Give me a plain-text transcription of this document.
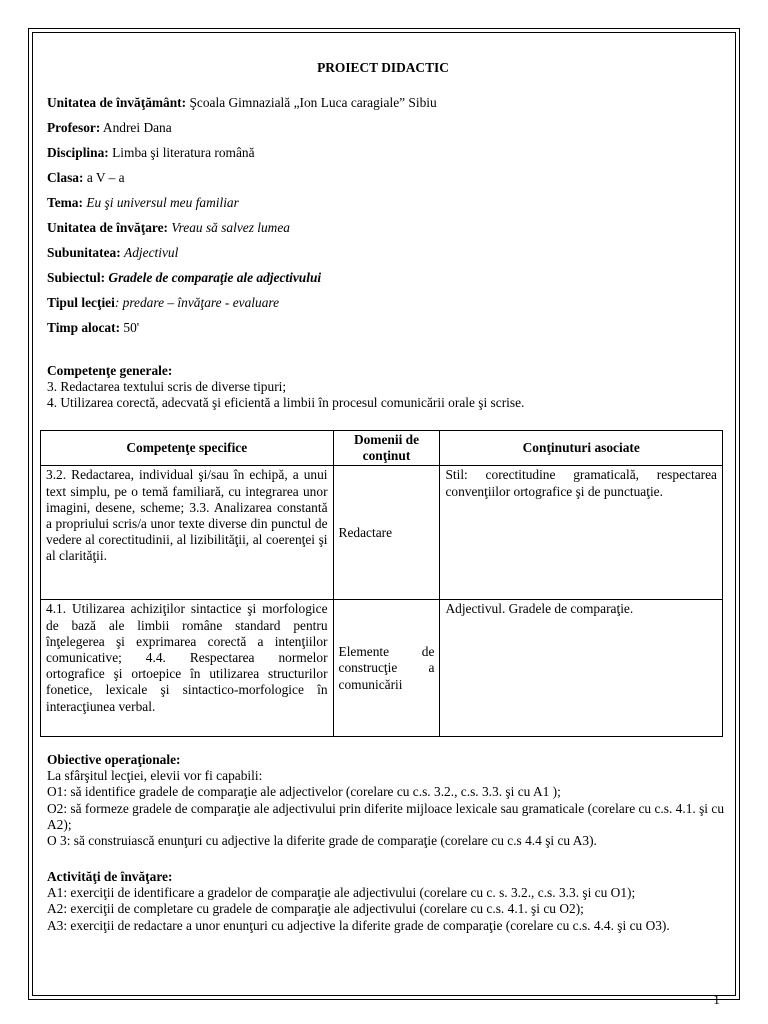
PROIECT DIDACTIC
Unitatea de învăţământ: Şcoala Gimnazială „Ion Luca caragiale” Sibiu
Profesor: Andrei Dana
Disciplina: Limba şi literatura română
Clasa: a V – a
Tema: Eu şi universul meu familiar
Unitatea de învăţare: Vreau să salvez lumea
Subunitatea: Adjectivul
Subiectul: Gradele de comparaţie ale adjectivului
Tipul lecţiei: predare – învăţare - evaluare
Timp alocat: 50'

Competenţe generale:

3. Redactarea textului scris de diverse tipuri;

4. Utilizarea corectă, adecvată şi eficientă a limbii în procesul comunicării orale şi scrise.

Competenţe specifice	Domenii de conţinut	Conţinuturi asociate
3.2. Redactarea, individual şi/sau în echipă, a unui text simplu, pe o temă familiară, cu integrarea unor imagini, desene, scheme; 3.3. Analizarea constantă a propriului scris/a unor texte diverse din punctul de vedere al corectitudinii, al lizibilităţii, al coerenţei şi al clarităţii.	Redactare	Stil: corectitudine gramaticală, respectarea convenţiilor ortografice şi de punctuaţie.
4.1. Utilizarea achiziţilor sintactice şi morfologice de bază ale limbii române standard pentru înţelegerea şi exprimarea corectă a intenţiilor comunicative; 4.4. Respectarea normelor ortografice şi ortoepice în utilizarea structurilor fonetice, lexicale şi sintactico-morfologice în interacţiunea verbal.	Elemente de construcţie a comunicării	Adjectivul. Gradele de comparaţie.

Obiective operaţionale:

La sfârşitul lecţiei, elevii vor fi capabili:

O1: să identifice gradele de comparaţie ale adjectivelor (corelare cu c.s. 3.2., c.s. 3.3. şi cu A1 );

O2: să formeze gradele de comparaţie ale adjectivului prin diferite mijloace lexicale sau gramaticale (corelare cu c.s. 4.1. şi cu A2);

O 3: să construiască enunţuri cu adjective la diferite grade de comparaţie (corelare cu c.s 4.4 şi cu A3).

Activităţi de învăţare:

A1: exerciţii de identificare a gradelor de comparaţie ale adjectivului (corelare cu c. s. 3.2., c.s. 3.3. şi cu O1);

A2: exerciţii de completare cu gradele de comparaţie ale adjectivului (corelare cu c.s. 4.1. şi cu O2);

A3: exerciţii de redactare a unor enunţuri cu adjective la diferite grade de comparaţie (corelare cu c.s. 4.4. şi cu O3).

1
